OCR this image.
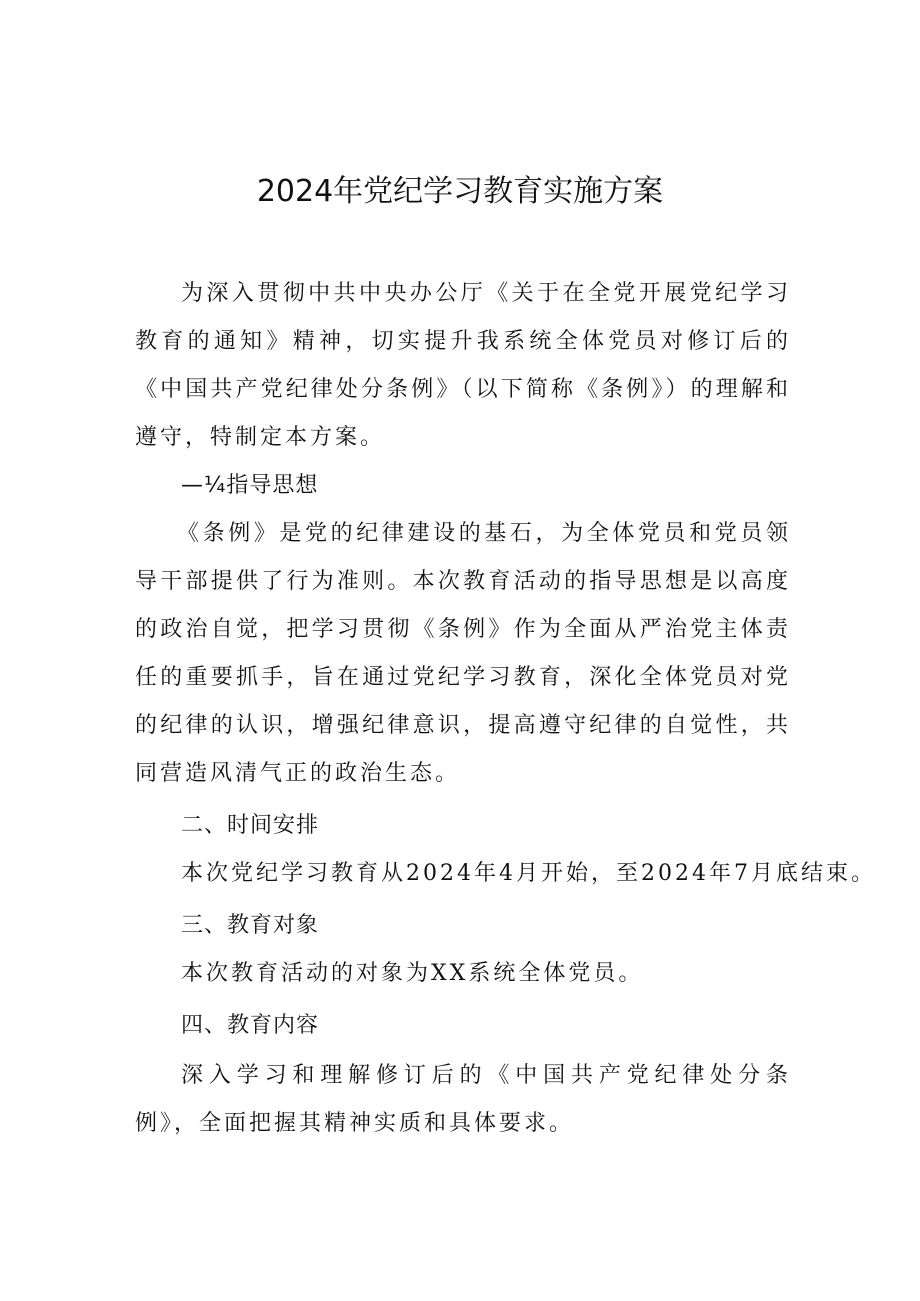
2024年党纪学习教育实施方案

为深入贯彻中共中央办公厅《关于在全党开展党纪学习教育的通知》精神，切实提升我系统全体党员对修订后的《中国共产党纪律处分条例》（以下简称《条例》）的理解和遵守，特制定本方案。

—¼指导思想

《条例》是党的纪律建设的基石，为全体党员和党员领导干部提供了行为准则。本次教育活动的指导思想是以高度的政治自觉，把学习贯彻《条例》作为全面从严治党主体责任的重要抓手，旨在通过党纪学习教育，深化全体党员对党的纪律的认识，增强纪律意识，提高遵守纪律的自觉性，共同营造风清气正的政治生态。

二、时间安排

本次党纪学习教育从2024年4月开始，至2024年7月底结束。

三、教育对象

本次教育活动的对象为XX系统全体党员。

四、教育内容

深入学习和理解修订后的《中国共产党纪律处分条例》，全面把握其精神实质和具体要求。
